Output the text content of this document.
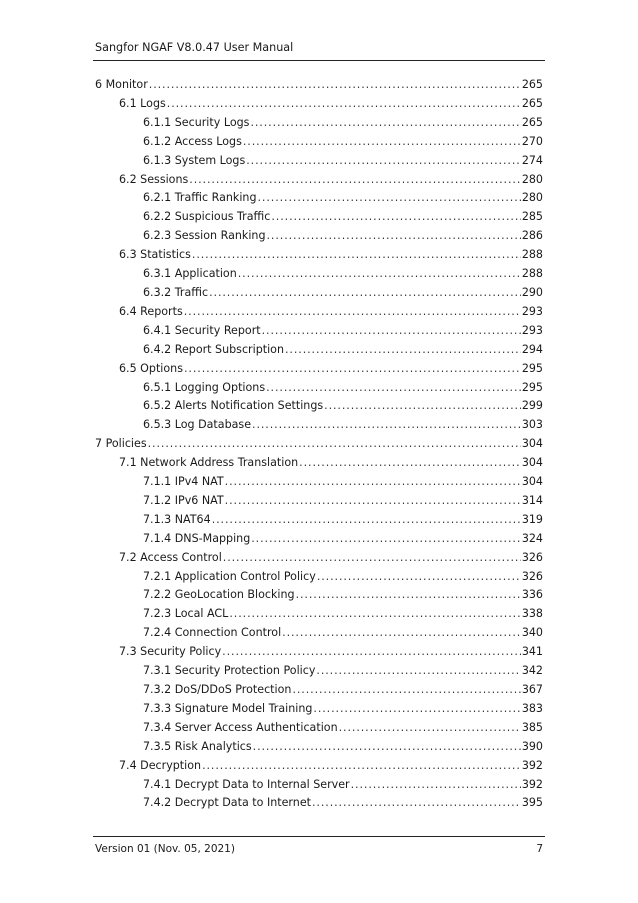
Sangfor NGAF V8.0.47 User Manual
6 Monitor .....	265
6.1 Logs .....	265
6.1.1 Security Logs .....	265
6.1.2 Access Logs .....	270
6.1.3 System Logs .....	274
6.2 Sessions .....	280
6.2.1 Traffic Ranking .....	280
6.2.2 Suspicious Traffic .....	285
6.2.3 Session Ranking .....	286
6.3 Statistics .....	288
6.3.1 Application .....	288
6.3.2 Traffic .....	290
6.4 Reports .....	293
6.4.1 Security Report .....	293
6.4.2 Report Subscription .....	294
6.5 Options .....	295
6.5.1 Logging Options .....	295
6.5.2 Alerts Notification Settings .....	299
6.5.3 Log Database .....	303
7 Policies .....	304
7.1 Network Address Translation .....	304
7.1.1 IPv4 NAT .....	304
7.1.2 IPv6 NAT .....	314
7.1.3 NAT64 .....	319
7.1.4 DNS-Mapping .....	324
7.2 Access Control .....	326
7.2.1 Application Control Policy .....	326
7.2.2 GeoLocation Blocking .....	336
7.2.3 Local ACL .....	338
7.2.4 Connection Control .....	340
7.3 Security Policy .....	341
7.3.1 Security Protection Policy .....	342
7.3.2 DoS/DDoS Protection .....	367
7.3.3 Signature Model Training .....	383
7.3.4 Server Access Authentication .....	385
7.3.5 Risk Analytics .....	390
7.4 Decryption .....	392
7.4.1 Decrypt Data to Internal Server .....	392
7.4.2 Decrypt Data to Internet .....	395
Version 01 (Nov. 05, 2021)	7
